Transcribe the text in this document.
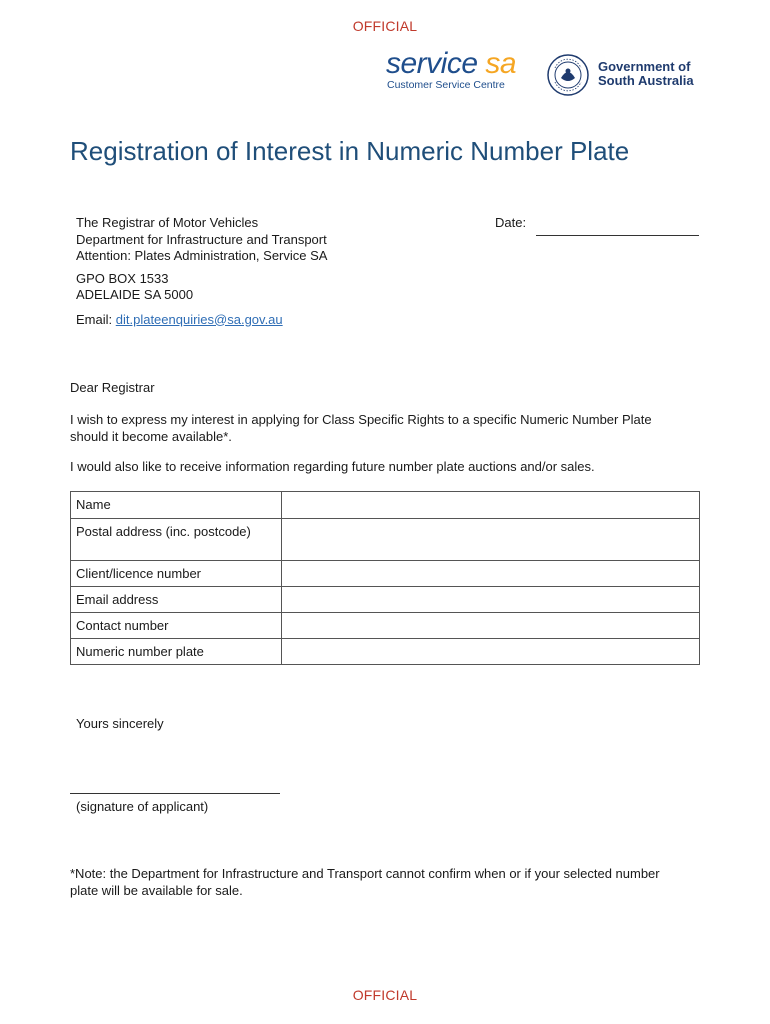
OFFICIAL
service sa
Customer Service Centre
Government of
South Australia
Registration of Interest in Numeric Number Plate

The Registrar of Motor Vehicles

Department for Infrastructure and Transport

Attention: Plates Administration, Service SA

GPO BOX 1533

ADELAIDE SA 5000

Email: dit.plateenquiries@sa.gov.au

Date:
Dear Registrar
I wish to express my interest in applying for Class Specific Rights to a specific Numeric Number Plate should it become available*.
I would also like to receive information regarding future number plate auctions and/or sales.
Name	
Postal address (inc. postcode)	
Client/licence number	
Email address	
Contact number	
Numeric number plate	
Yours sincerely
(signature of applicant)
*Note: the Department for Infrastructure and Transport cannot confirm when or if your selected number plate will be available for sale.
OFFICIAL
